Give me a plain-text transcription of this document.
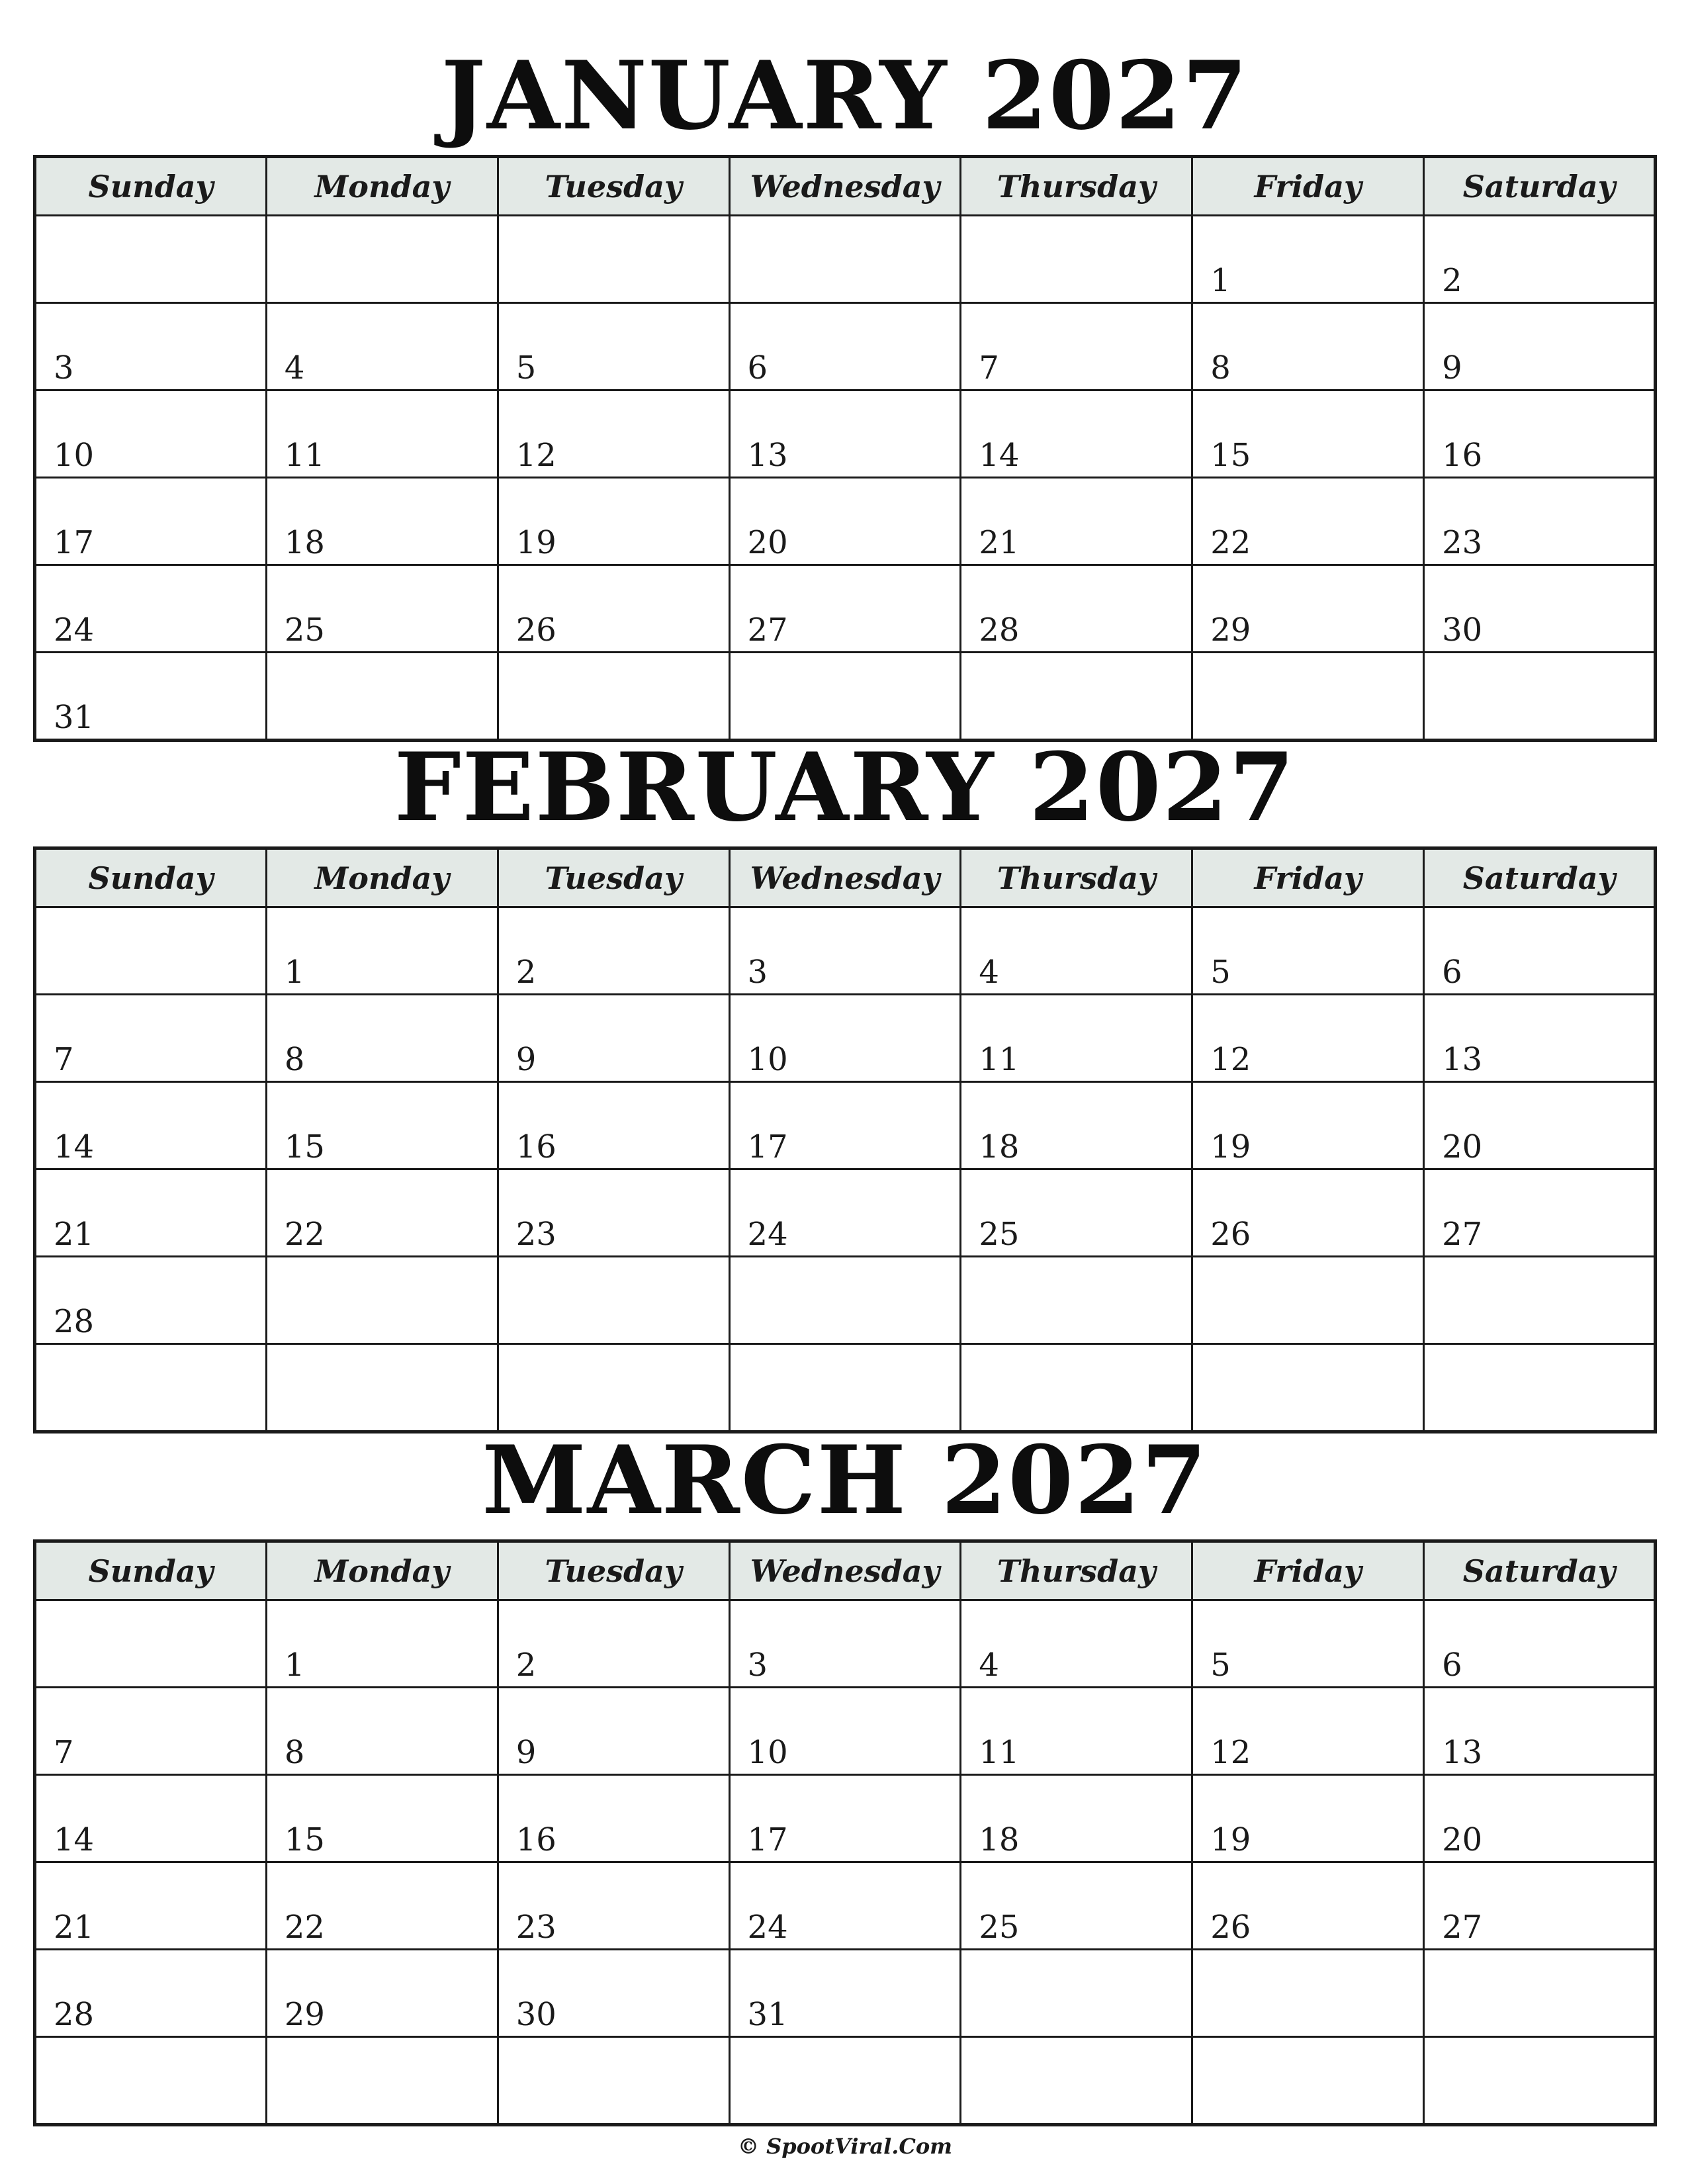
JANUARY 2027
Sunday	Monday	Tuesday	Wednesday	Thursday	Friday	Saturday
					1	2
3	4	5	6	7	8	9
10	11	12	13	14	15	16
17	18	19	20	21	22	23
24	25	26	27	28	29	30
31						
FEBRUARY 2027
Sunday	Monday	Tuesday	Wednesday	Thursday	Friday	Saturday
	1	2	3	4	5	6
7	8	9	10	11	12	13
14	15	16	17	18	19	20
21	22	23	24	25	26	27
28						

MARCH 2027
Sunday	Monday	Tuesday	Wednesday	Thursday	Friday	Saturday
	1	2	3	4	5	6
7	8	9	10	11	12	13
14	15	16	17	18	19	20
21	22	23	24	25	26	27
28	29	30	31			

© SpootViral.Com
